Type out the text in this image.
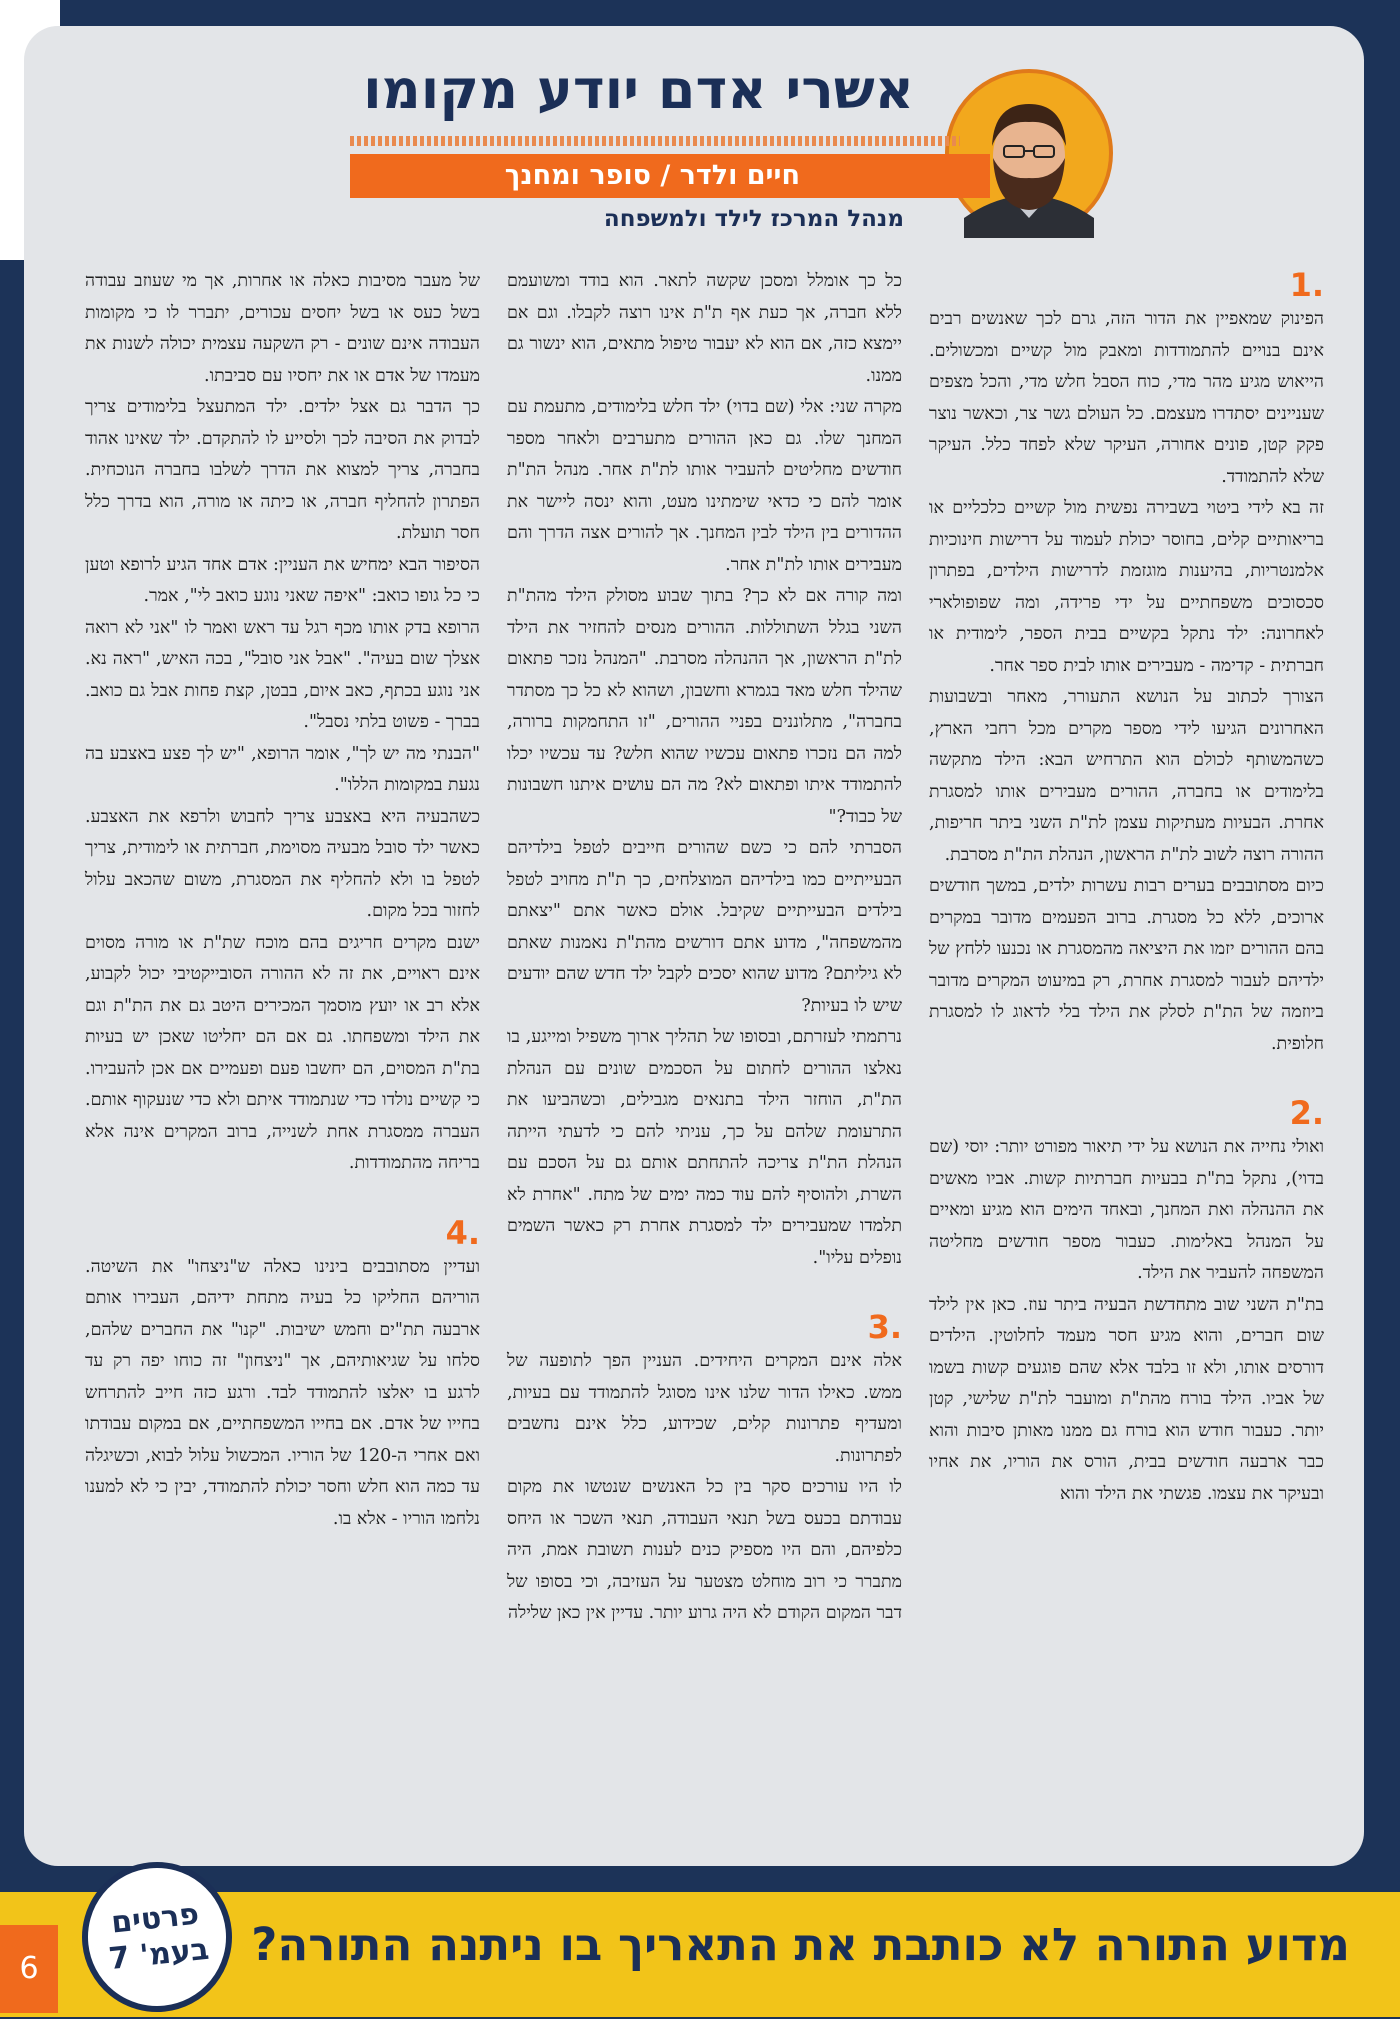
אשרי אדם יודע מקומו
חיים ולדר / סופר ומחנך
מנהל המרכז לילד ולמשפחה
1.

הפינוק שמאפיין את הדור הזה, גרם לכך שאנשים רבים אינם בנויים להתמודדות ומאבק מול קשיים ומכשולים. הייאוש מגיע מהר מדי, כוח הסבל חלש מדי, והכל מצפים שעניינים יסתדרו מעצמם. כל העולם גשר צר, וכאשר נוצר פקק קטן, פונים אחורה, העיקר שלא לפחד כלל. העיקר שלא להתמודד.

זה בא לידי ביטוי בשבירה נפשית מול קשיים כלכליים או בריאותיים קלים, בחוסר יכולת לעמוד על דרישות חינוכיות אלמנטריות, בהיענות מוגזמת לדרישות הילדים, בפתרון סכסוכים משפחתיים על ידי פרידה, ומה שפופולארי לאחרונה: ילד נתקל בקשיים בבית הספר, לימודית או חברתית - קדימה - מעבירים אותו לבית ספר אחר.

הצורך לכתוב על הנושא התעורר, מאחר ובשבועות האחרונים הגיעו לידי מספר מקרים מכל רחבי הארץ, כשהמשותף לכולם הוא התרחיש הבא: הילד מתקשה בלימודים או בחברה, ההורים מעבירים אותו למסגרת אחרת. הבעיות מעתיקות עצמן לת"ת השני ביתר חריפות, ההורה רוצה לשוב לת"ת הראשון, הנהלת הת"ת מסרבת.

כיום מסתובבים בערים רבות עשרות ילדים, במשך חודשים ארוכים, ללא כל מסגרת. ברוב הפעמים מדובר במקרים בהם ההורים יזמו את היציאה מהמסגרת או נכנעו ללחץ של ילדיהם לעבור למסגרת אחרת, רק במיעוט המקרים מדובר ביוזמה של הת"ת לסלק את הילד בלי לדאוג לו למסגרת חלופית.

2.

ואולי נחייה את הנושא על ידי תיאור מפורט יותר: יוסי (שם בדוי), נתקל בת"ת בבעיות חברתיות קשות. אביו מאשים את ההנהלה ואת המחנך, ובאחד הימים הוא מגיע ומאיים על המנהל באלימות. כעבור מספר חודשים מחליטה המשפחה להעביר את הילד.

בת"ת השני שוב מתחדשת הבעיה ביתר עוז. כאן אין לילד שום חברים, והוא מגיע חסר מעמד לחלוטין. הילדים דורסים אותו, ולא זו בלבד אלא שהם פוגעים קשות בשמו של אביו. הילד בורח מהת"ת ומועבר לת"ת שלישי, קטן יותר. כעבור חודש הוא בורח גם ממנו מאותן סיבות והוא כבר ארבעה חודשים בבית, הורס את הוריו, את אחיו ובעיקר את עצמו. פגשתי את הילד והוא

כל כך אומלל ומסכן שקשה לתאר. הוא בודד ומשועמם ללא חברה, אך כעת אף ת"ת אינו רוצה לקבלו. וגם אם יימצא כזה, אם הוא לא יעבור טיפול מתאים, הוא ינשור גם ממנו.

מקרה שני: אלי (שם בדוי) ילד חלש בלימודים, מתעמת עם המחנך שלו. גם כאן ההורים מתערבים ולאחר מספר חודשים מחליטים להעביר אותו לת"ת אחר. מנהל הת"ת אומר להם כי כדאי שימתינו מעט, והוא ינסה ליישר את ההדורים בין הילד לבין המחנך. אך להורים אצה הדרך והם מעבירים אותו לת"ת אחר.

ומה קורה אם לא כך? בתוך שבוע מסולק הילד מהת"ת השני בגלל השתוללות. ההורים מנסים להחזיר את הילד לת"ת הראשון, אך ההנהלה מסרבת. "המנהל נזכר פתאום שהילד חלש מאד בגמרא וחשבון, ושהוא לא כל כך מסתדר בחברה", מתלוננים בפניי ההורים, "זו התחמקות ברורה, למה הם נזכרו פתאום עכשיו שהוא חלש? עד עכשיו יכלו להתמודד איתו ופתאום לא? מה הם עושים איתנו חשבונות של כבוד?"

הסברתי להם כי כשם שהורים חייבים לטפל בילדיהם הבעייתיים כמו בילדיהם המוצלחים, כך ת"ת מחויב לטפל בילדים הבעייתיים שקיבל. אולם כאשר אתם "יצאתם מהמשפחה", מדוע אתם דורשים מהת"ת נאמנות שאתם לא גיליתם? מדוע שהוא יסכים לקבל ילד חדש שהם יודעים שיש לו בעיות?

נרתמתי לעזרתם, ובסופו של תהליך ארוך משפיל ומייגע, בו נאלצו ההורים לחתום על הסכמים שונים עם הנהלת הת"ת, הוחזר הילד בתנאים מגבילים, וכשהביעו את התרעומת שלהם על כך, עניתי להם כי לדעתי הייתה הנהלת הת"ת צריכה להתחתם אותם גם על הסכם עם השרת, ולהוסיף להם עוד כמה ימים של מתח. "אחרת לא תלמדו שמעבירים ילד למסגרת אחרת רק כאשר השמים נופלים עליו".

3.

אלה אינם המקרים היחידים. העניין הפך לתופעה של ממש. כאילו הדור שלנו אינו מסוגל להתמודד עם בעיות, ומעדיף פתרונות קלים, שכידוע, כלל אינם נחשבים לפתרונות.

לו היו עורכים סקר בין כל האנשים שנטשו את מקום עבודתם בכעס בשל תנאי העבודה, תנאי השכר או היחס כלפיהם, והם היו מספיק כנים לענות תשובת אמת, היה מתברר כי רוב מוחלט מצטער על העזיבה, וכי בסופו של דבר המקום הקודם לא היה גרוע יותר. עדיין אין כאן שלילה

של מעבר מסיבות כאלה או אחרות, אך מי שעוזב עבודה בשל כעס או בשל יחסים עכורים, יתברר לו כי מקומות העבודה אינם שונים - רק השקעה עצמית יכולה לשנות את מעמדו של אדם או את יחסיו עם סביבתו.

כך הדבר גם אצל ילדים. ילד המתעצל בלימודים צריך לבדוק את הסיבה לכך ולסייע לו להתקדם. ילד שאינו אהוד בחברה, צריך למצוא את הדרך לשלבו בחברה הנוכחית. הפתרון להחליף חברה, או כיתה או מורה, הוא בדרך כלל חסר תועלת.

הסיפור הבא ימחיש את העניין: אדם אחד הגיע לרופא וטען כי כל גופו כואב: "איפה שאני נוגע כואב לי", אמר.

הרופא בדק אותו מכף רגל עד ראש ואמר לו "אני לא רואה אצלך שום בעיה". "אבל אני סובל", בכה האיש, "ראה נא. אני נוגע בכתף, כאב איום, בבטן, קצת פחות אבל גם כואב. בברך - פשוט בלתי נסבל".

"הבנתי מה יש לך", אומר הרופא, "יש לך פצע באצבע בה נגעת במקומות הללו".

כשהבעיה היא באצבע צריך לחבוש ולרפא את האצבע. כאשר ילד סובל מבעיה מסוימת, חברתית או לימודית, צריך לטפל בו ולא להחליף את המסגרת, משום שהכאב עלול לחזור בכל מקום.

ישנם מקרים חריגים בהם מוכח שת"ת או מורה מסוים אינם ראויים, את זה לא ההורה הסובייקטיבי יכול לקבוע, אלא רב או יועץ מוסמך המכירים היטב גם את הת"ת וגם את הילד ומשפחתו. גם אם הם יחליטו שאכן יש בעיות בת"ת המסוים, הם יחשבו פעם ופעמיים אם אכן להעבירו. כי קשיים נולדו כדי שנתמודד איתם ולא כדי שנעקוף אותם. העברה ממסגרת אחת לשנייה, ברוב המקרים אינה אלא בריחה מהתמודדות.

4.

ועדיין מסתובבים בינינו כאלה ש"ניצחו" את השיטה. הוריהם החליקו כל בעיה מתחת ידיהם, העבירו אותם ארבעה תת"ים וחמש ישיבות. "קנו" את החברים שלהם, סלחו על שגיאותיהם, אך "ניצחון" זה כוחו יפה רק עד לרגע בו יאלצו להתמודד לבד. ורגע כזה חייב להתרחש בחייו של אדם. אם בחייו המשפחתיים, אם במקום עבודתו ואם אחרי ה-120 של הוריו. המכשול עלול לבוא, וכשיגלה עד כמה הוא חלש וחסר יכולת להתמודד, יבין כי לא למענו נלחמו הוריו - אלא בו.

מדוע התורה לא כותבת את התאריך בו ניתנה התורה?

6
פרטים
בעמ' 7
